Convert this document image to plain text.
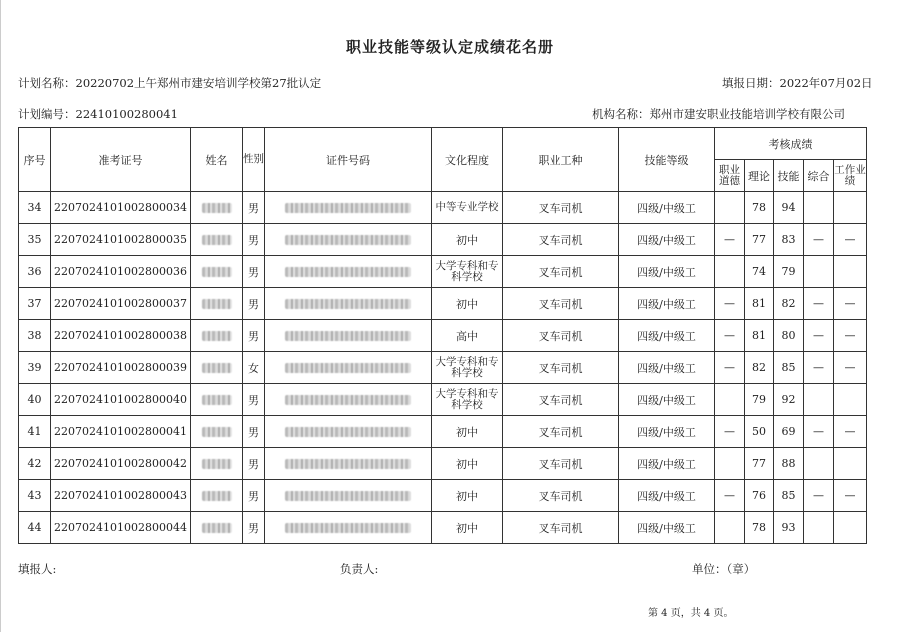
职业技能等级认定成绩花名册
计划名称：20220702上午郑州市建安培训学校第27批认定	填报日期：2022年07月02日
计划编号：22410100280041	机构名称：郑州市建安职业技能培训学校有限公司
序号	准考证号	姓名	性别	证件号码	文化程度	职业工种	技能等级	考核成绩				
								职业道德	理论	技能	综合	工作业绩
34	2207024101002800034		男		中等专业学校	叉车司机	四级/中级工		78	94		
35	2207024101002800035		男		初中	叉车司机	四级/中级工	—	77	83	—	—
36	2207024101002800036		男		大学专科和专科学校	叉车司机	四级/中级工		74	79		
37	2207024101002800037		男		初中	叉车司机	四级/中级工	—	81	82	—	—
38	2207024101002800038		男		高中	叉车司机	四级/中级工	—	81	80	—	—
39	2207024101002800039		女		大学专科和专科学校	叉车司机	四级/中级工	—	82	85	—	—
40	2207024101002800040		男		大学专科和专科学校	叉车司机	四级/中级工		79	92		
41	2207024101002800041		男		初中	叉车司机	四级/中级工	—	50	69	—	—
42	2207024101002800042		男		初中	叉车司机	四级/中级工		77	88		
43	2207024101002800043		男		初中	叉车司机	四级/中级工	—	76	85	—	—
44	2207024101002800044		男		初中	叉车司机	四级/中级工		78	93		
填报人:	负责人:	单位：（章）
第 4 页，共 4 页。
